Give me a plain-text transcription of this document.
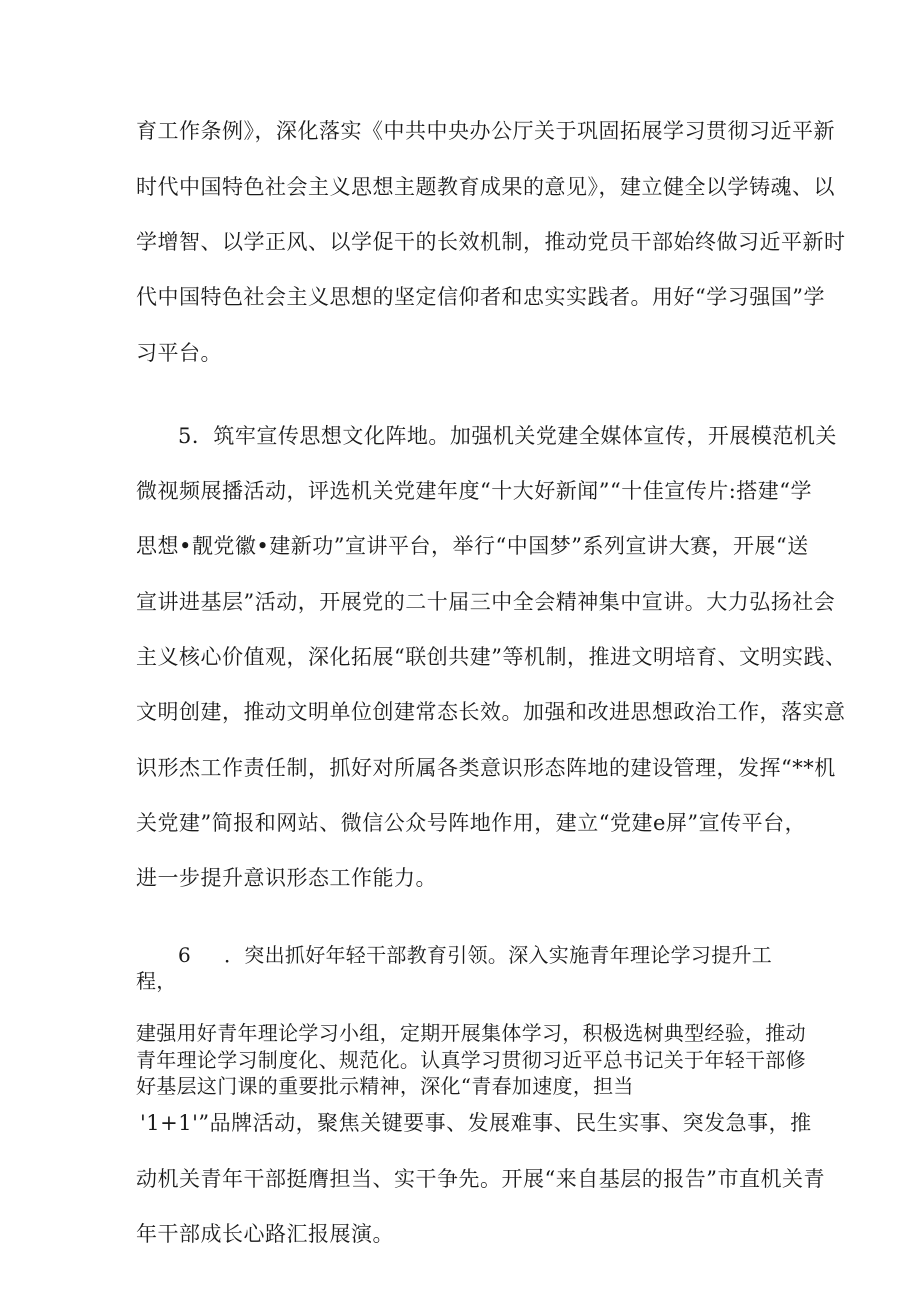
育工作条例》，深化落实《中共中央办公厅关于巩固拓展学习贯彻习近平新
时代中国特色社会主义思想主题教育成果的意见》，建立健全以学铸魂、以
学增智、以学正风、以学促干的长效机制，推动党员干部始终做习近平新时
代中国特色社会主义思想的坚定信仰者和忠实实践者。用好“学习强国”学
习平台。
5．筑牢宣传思想文化阵地。加强机关党建全媒体宣传，开展模范机关
微视频展播活动，评选机关党建年度“十大好新闻”“十佳宣传片:搭建“学
思想•靓党徽•建新功”宣讲平台，举行“中国梦”系列宣讲大赛，开展“送
宣讲进基层”活动，开展党的二十届三中全会精神集中宣讲。大力弘扬社会
主义核心价值观，深化拓展“联创共建”等机制，推进文明培育、文明实践、
文明创建，推动文明单位创建常态长效。加强和改进思想政治工作，落实意
识形杰工作责任制，抓好对所属各类意识形态阵地的建设管理，发挥“**机
关党建”简报和网站、微信公众号阵地作用，建立“党建e屏”宣传平台，
进一步提升意识形态工作能力。
6 ．突出抓好年轻干部教育引领。深入实施青年理论学习提升工
程，
建强用好青年理论学习小组，定期开展集体学习，积极选树典型经验，推动
青年理论学习制度化、规范化。认真学习贯彻习近平总书记关于年轻干部修
好基层这门课的重要批示精神，深化“青春加速度，担当
'1+1'”品牌活动，聚焦关键要事、发展难事、民生实事、突发急事，推
动机关青年干部挺膺担当、实干争先。开展“来自基层的报告”市直机关青
年干部成长心路汇报展演。
